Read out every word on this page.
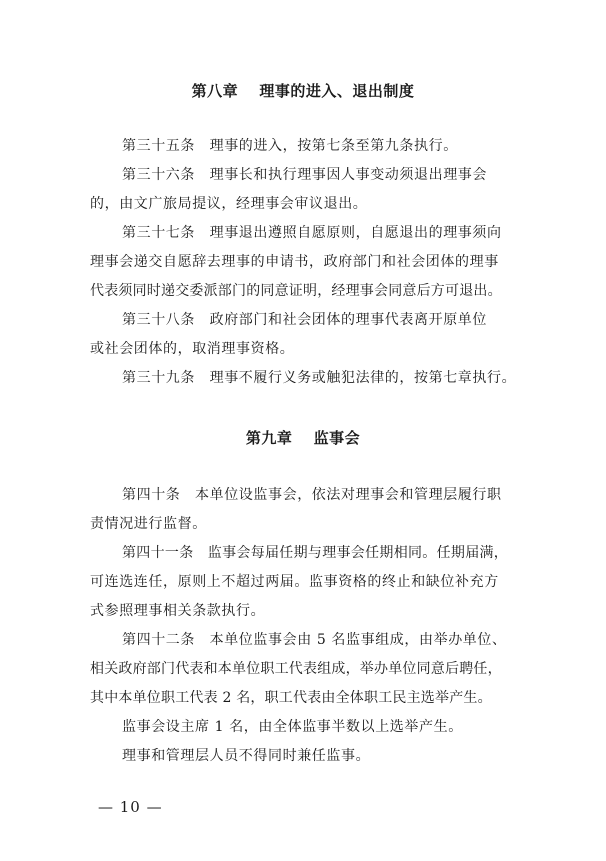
第八章　 理事的进入、退出制度
第三十五条　理事的进入，按第七条至第九条执行。
第三十六条　理事长和执行理事因人事变动须退出理事会
的，由文广旅局提议，经理事会审议退出。
第三十七条　理事退出遵照自愿原则，自愿退出的理事须向
理事会递交自愿辞去理事的申请书，政府部门和社会团体的理事
代表须同时递交委派部门的同意证明，经理事会同意后方可退出。
第三十八条　政府部门和社会团体的理事代表离开原单位
或社会团体的，取消理事资格。
第三十九条　理事不履行义务或触犯法律的，按第七章执行。
第九章　 监事会
第四十条　本单位设监事会，依法对理事会和管理层履行职
责情况进行监督。
第四十一条　监事会每届任期与理事会任期相同。任期届满，
可连选连任，原则上不超过两届。监事资格的终止和缺位补充方
式参照理事相关条款执行。
第四十二条　本单位监事会由 5 名监事组成，由举办单位、
相关政府部门代表和本单位职工代表组成，举办单位同意后聘任，
其中本单位职工代表 2 名，职工代表由全体职工民主选举产生。
监事会设主席 1 名，由全体监事半数以上选举产生。
理事和管理层人员不得同时兼任监事。
— 10 —
